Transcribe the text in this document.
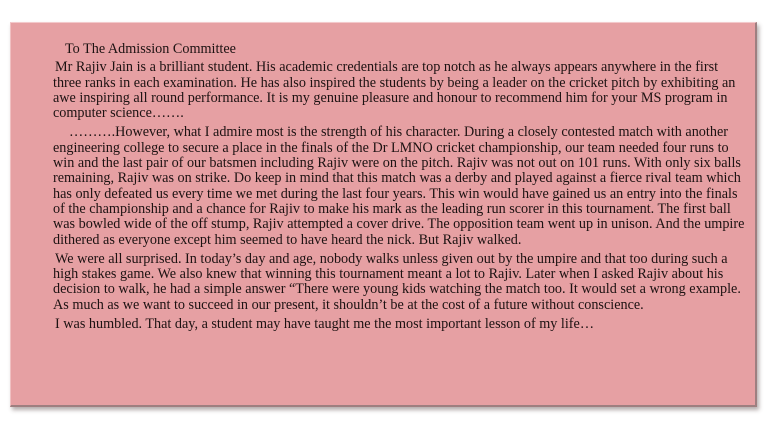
To The Admission Committee

Mr Rajiv Jain is a brilliant student. His academic credentials are top notch as he always appears anywhere in the first three ranks in each examination. He has also inspired the students by being a leader on the cricket pitch by exhibiting an awe inspiring all round performance. It is my genuine pleasure and honour to recommend him for your MS program in computer science…….

……….However, what I admire most is the strength of his character. During a closely contested match with another engineering college to secure a place in the finals of the Dr LMNO cricket championship, our team needed four runs to win and the last pair of our batsmen including Rajiv were on the pitch. Rajiv was not out on 101 runs. With only six balls remaining, Rajiv was on strike. Do keep in mind that this match was a derby and played against a fierce rival team which has only defeated us every time we met during the last four years. This win would have gained us an entry into the finals of the championship and a chance for Rajiv to make his mark as the leading run scorer in this tournament. The first ball was bowled wide of the off stump, Rajiv attempted a cover drive. The opposition team went up in unison. And the umpire dithered as everyone except him seemed to have heard the nick. But Rajiv walked.

We were all surprised. In today’s day and age, nobody walks unless given out by the umpire and that too during such a high stakes game. We also knew that winning this tournament meant a lot to Rajiv. Later when I asked Rajiv about his decision to walk, he had a simple answer “There were young kids watching the match too. It would set a wrong example. As much as we want to succeed in our present, it shouldn’t be at the cost of a future without conscience.

I was humbled. That day, a student may have taught me the most important lesson of my life…
